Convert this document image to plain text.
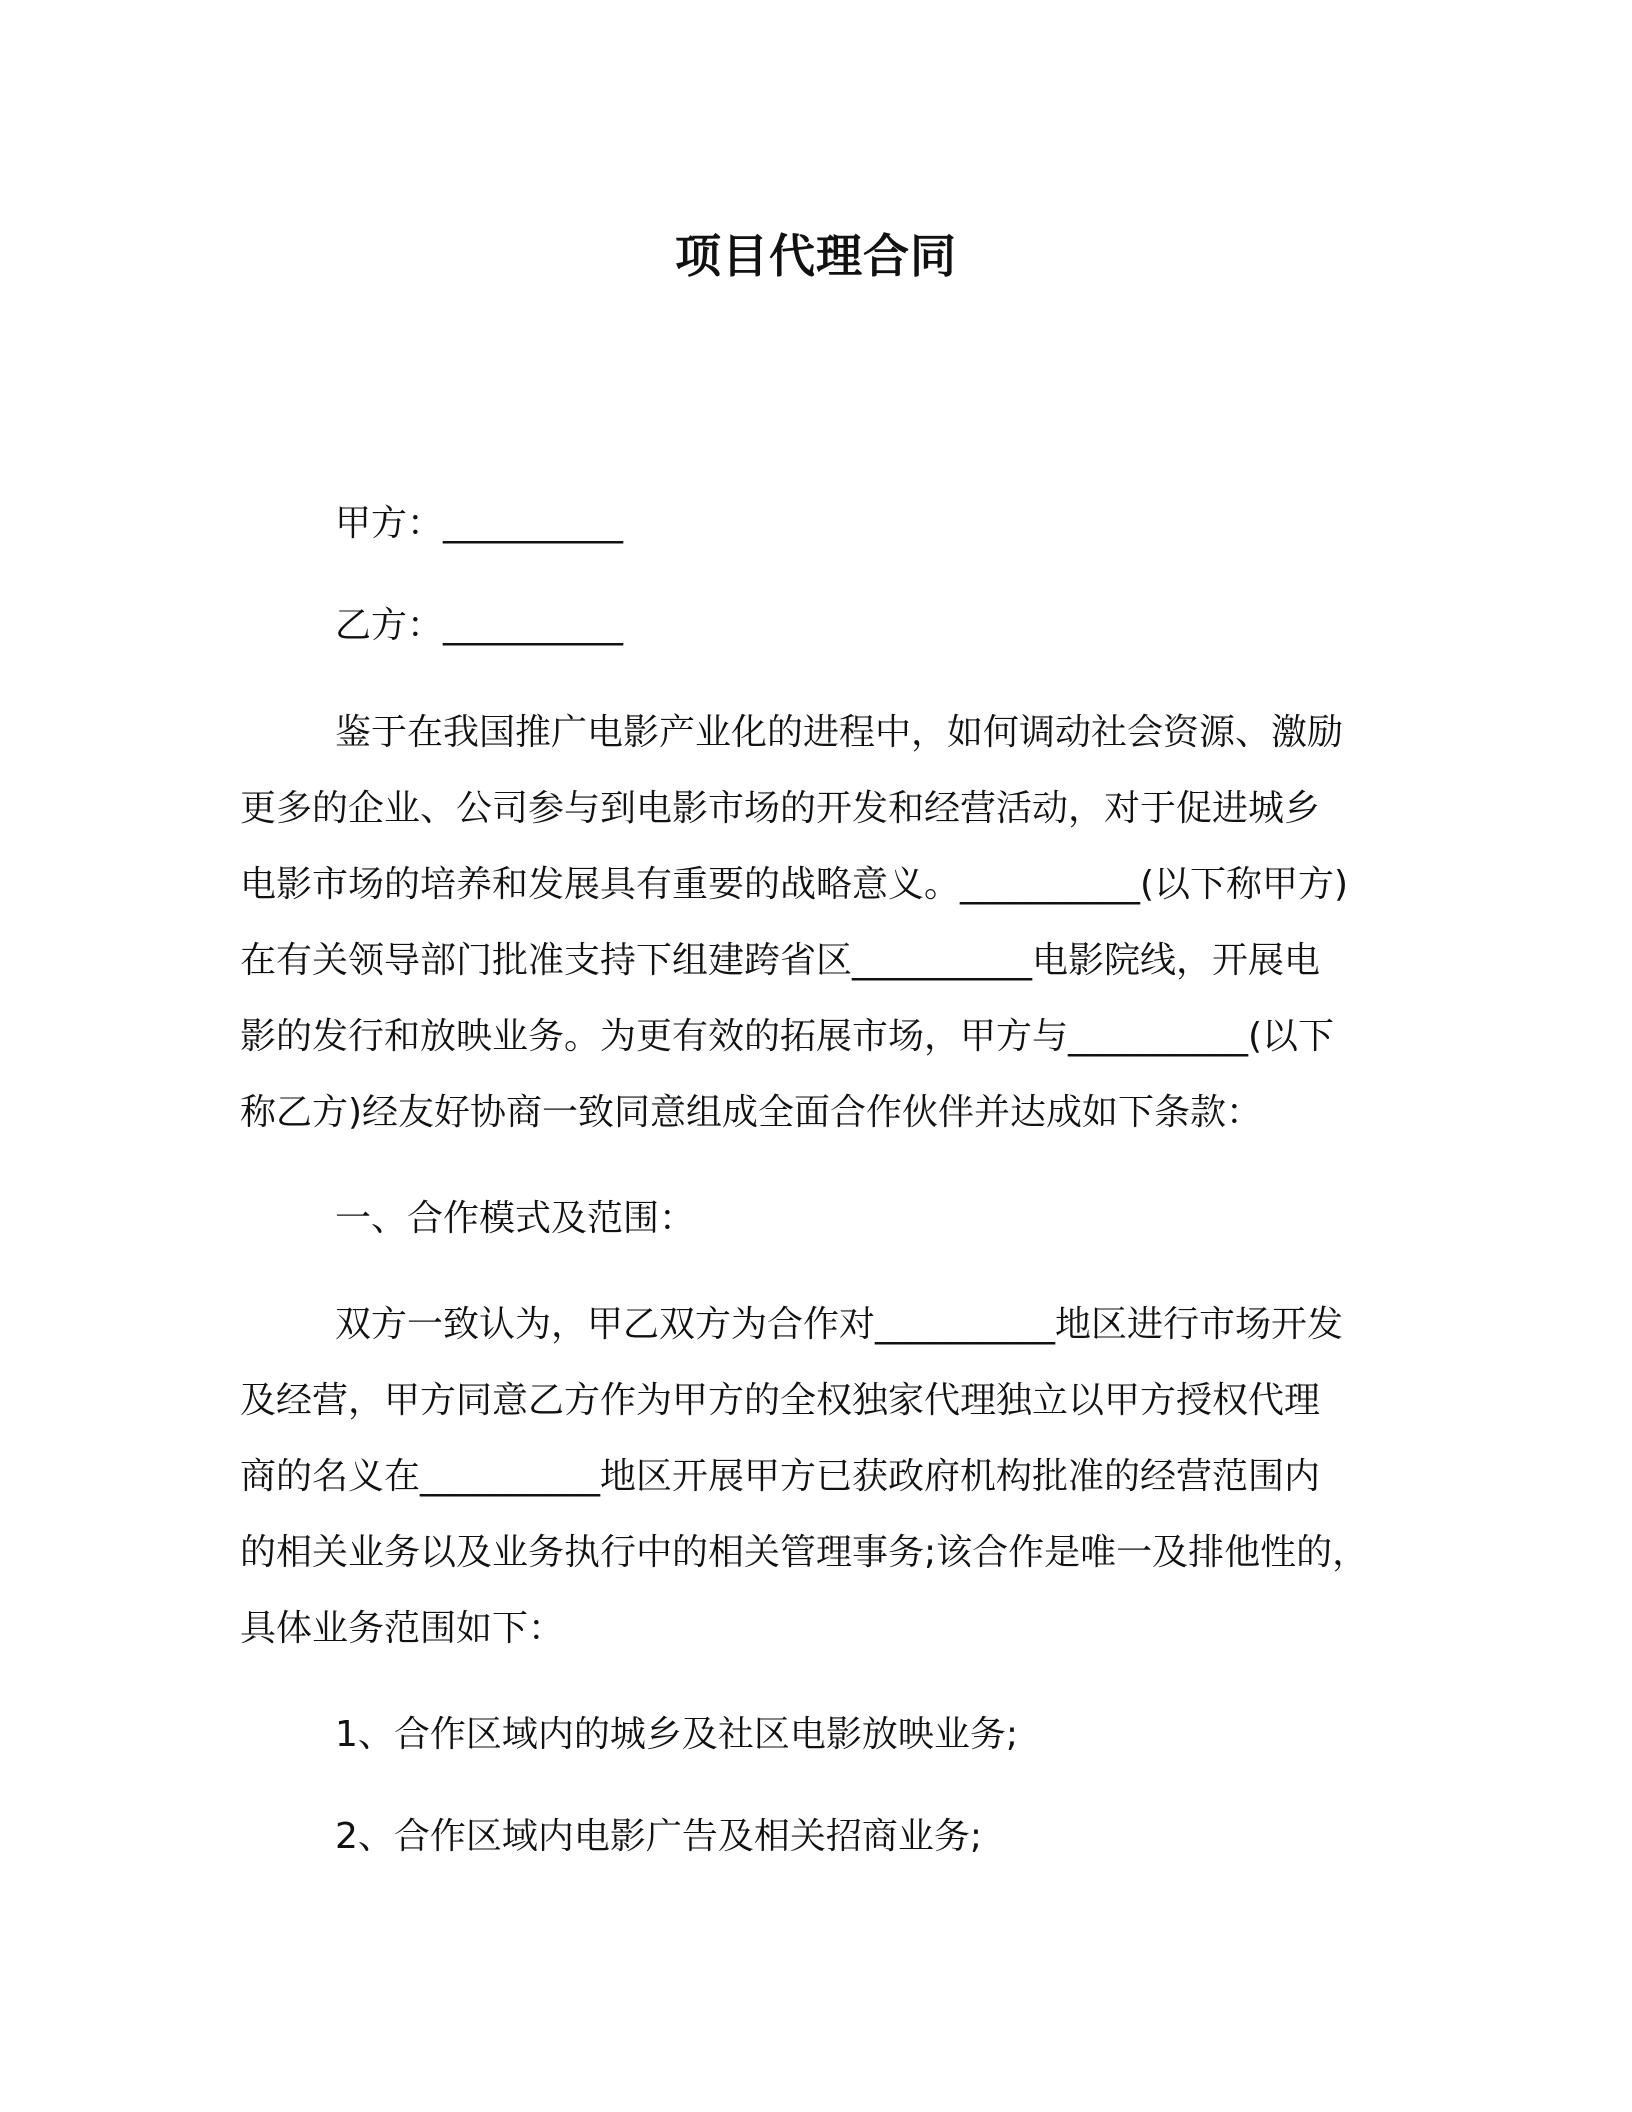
项目代理合同
甲方：__________
乙方：__________
鉴于在我国推广电影产业化的进程中，如何调动社会资源、激励
更多的企业、公司参与到电影市场的开发和经营活动，对于促进城乡
电影市场的培养和发展具有重要的战略意义。__________(以下称甲方)
在有关领导部门批准支持下组建跨省区__________电影院线，开展电
影的发行和放映业务。为更有效的拓展市场，甲方与__________(以下
称乙方)经友好协商一致同意组成全面合作伙伴并达成如下条款：
一、合作模式及范围：
双方一致认为，甲乙双方为合作对__________地区进行市场开发
及经营，甲方同意乙方作为甲方的全权独家代理独立以甲方授权代理
商的名义在__________地区开展甲方已获政府机构批准的经营范围内
的相关业务以及业务执行中的相关管理事务;该合作是唯一及排他性的，
具体业务范围如下：
1、合作区域内的城乡及社区电影放映业务;
2、合作区域内电影广告及相关招商业务;
